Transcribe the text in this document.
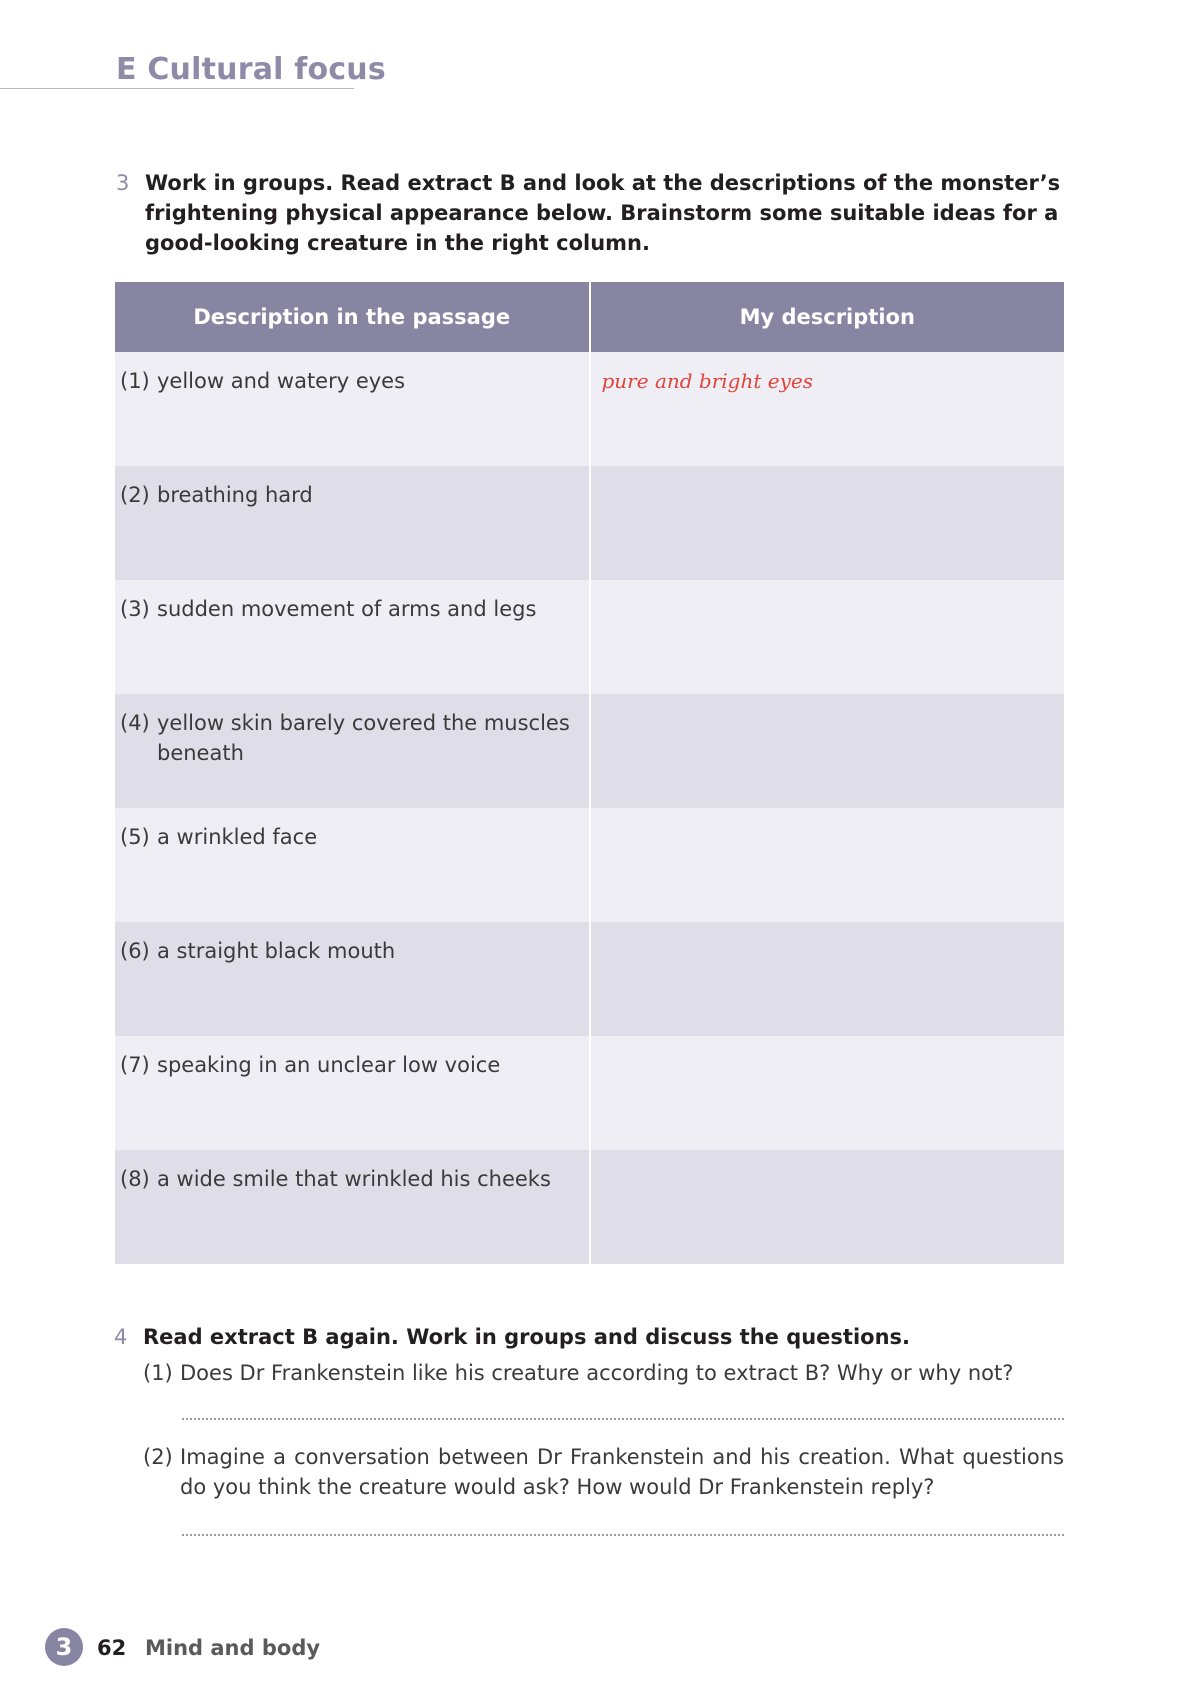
E Cultural focus
3 Work in groups. Read extract B and look at the descriptions of the monster’s frightening physical appearance below. Brainstorm some suitable ideas for a good-looking creature in the right column.
Description in the passage	My description

(1) yellow and watery eyes	pure and bright eyes

(2) breathing hard	

(3) sudden movement of arms and legs	

(4) yellow skin barely covered the muscles beneath	

(5) a wrinkled face	

(6) a straight black mouth	

(7) speaking in an unclear low voice	

(8) a wide smile that wrinkled his cheeks	

4 Read extract B again. Work in groups and discuss the questions.
(1) Does Dr Frankenstein like his creature according to extract B? Why or why not?
(2) Imagine a conversation between Dr Frankenstein and his creation. What questions do you think the creature would ask? How would Dr Frankenstein reply?
3	62 Mind and body
